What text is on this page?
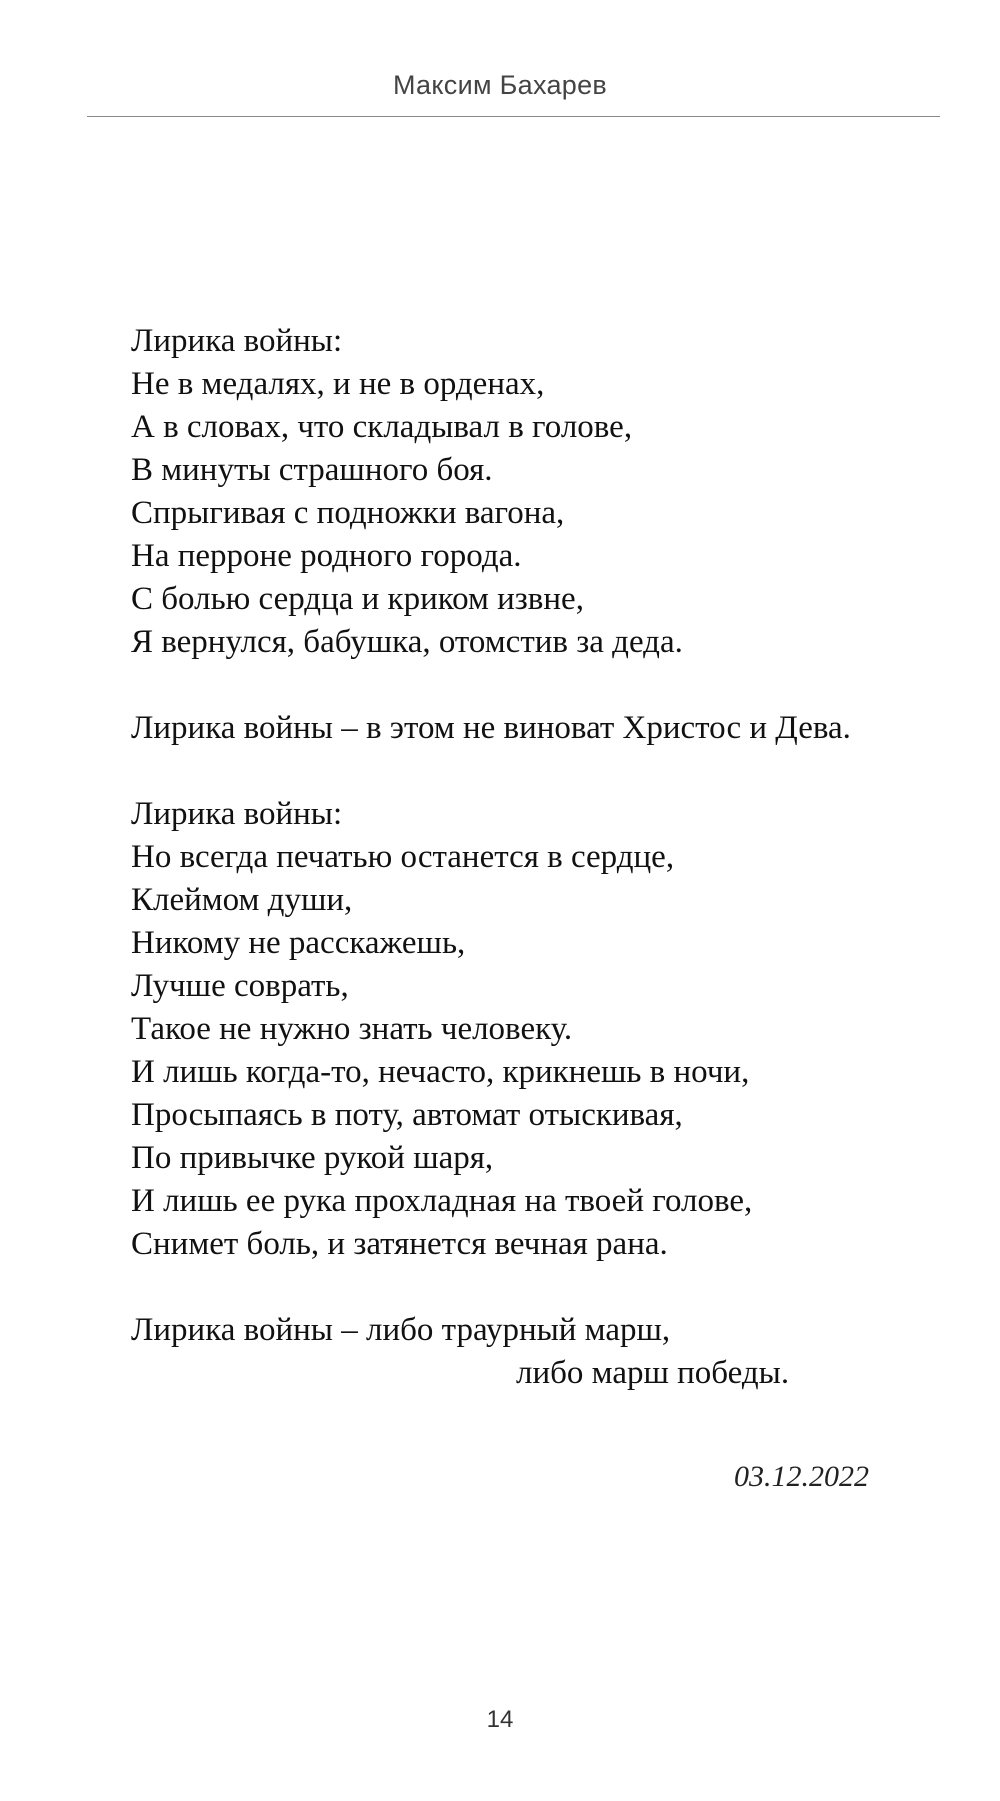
Максим Бахарев
Лирика войны:
Не в медалях, и не в орденах,
А в словах, что складывал в голове,
В минуты страшного боя.
Спрыгивая с подножки вагона,
На перроне родного города.
С болью сердца и криком извне,
Я вернулся, бабушка, отомстив за деда.
Лирика войны – в этом не виноват Христос и Дева.
Лирика войны:
Но всегда печатью останется в сердце,
Клеймом души,
Никому не расскажешь,
Лучше соврать,
Такое не нужно знать человеку.
И лишь когда-то, нечасто, крикнешь в ночи,
Просыпаясь в поту, автомат отыскивая,
По привычке рукой шаря,
И лишь ее рука прохладная на твоей голове,
Снимет боль, и затянется вечная рана.
Лирика войны – либо траурный марш,
либо марш победы.
03.12.2022
14
